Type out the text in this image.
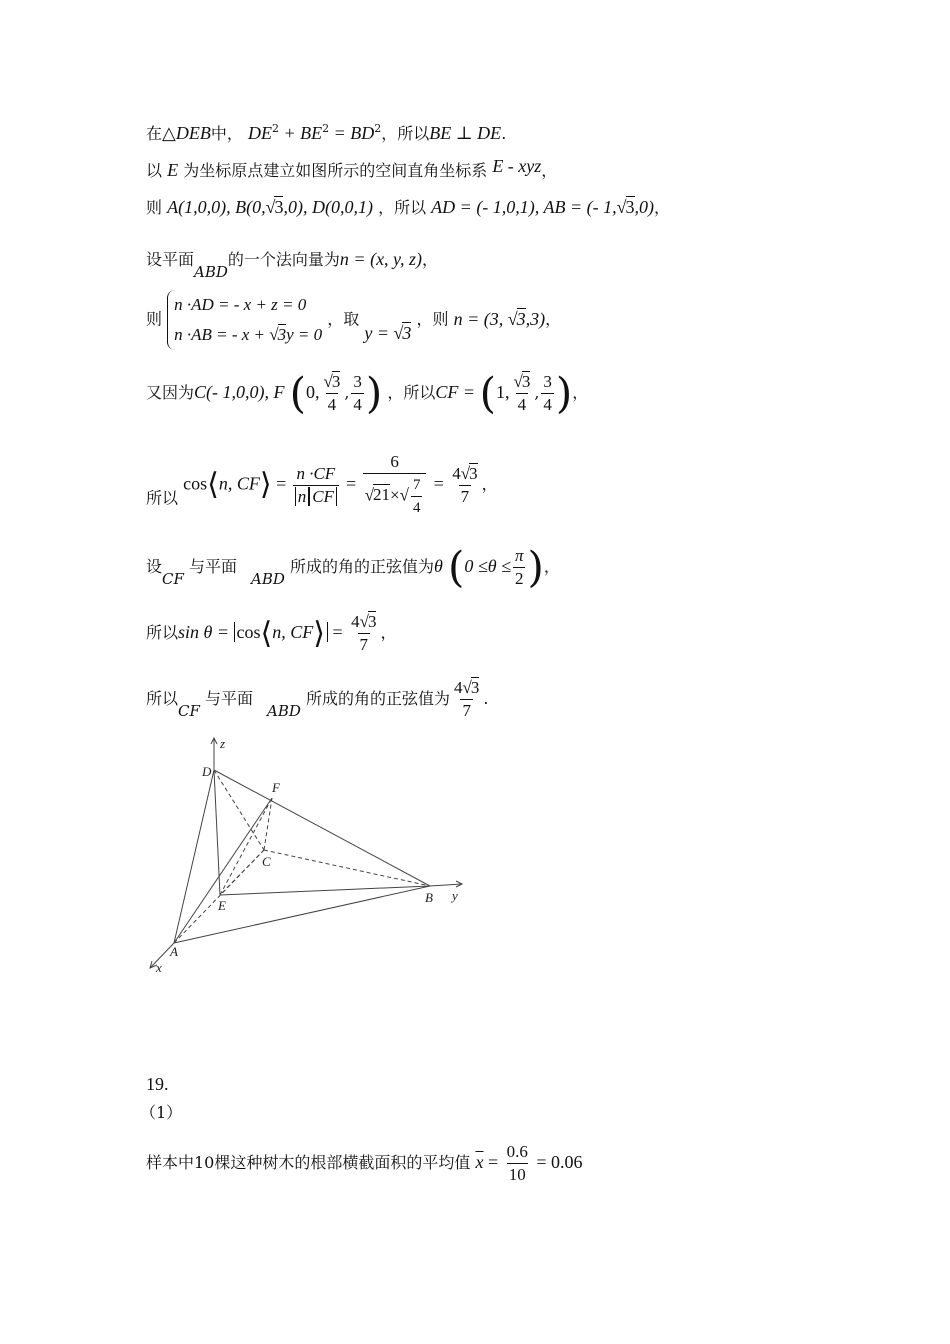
在△DEB中， $DE^2 + BE^2 = BD^2$，所以BE ⊥ DE.
以 E 为坐标原点建立如图所示的空间直角坐标系 E - xyz，
则 A(1,0,0), B(0,√3,0), D(0,0,1) ，所以 AD = (- 1,0,1), AB = (- 1,√3,0)，
设平面ABD的一个法向量为n = (x, y, z)，
则
n ·AD = - x + z = 0
n ·AB = - x + √3y = 0
，取 y = √3 ，则 n = (3, √3,3)，
又因为C(- 1,0,0), F (0, $\frac{√3}{4}$ , $\frac{3}{4}$ ) ，所以CF = (1, $\frac{√3}{4}$ , $\frac{3}{4}$ )，
所以 cos⟨n, CF⟩ = $\frac{n \cdot CF}{\text{n CF}} = \frac{6}{√21\times√ \frac{7}{4}} = \frac{4√3}{7}$ ，
设CF 与平面ABD 所成的角的正弦值为θ ($0 \le\theta \le \frac{\pi}{2}$ )，
所以sin θ = cos⟨n, CF⟩ = $\frac{4√3}{7}$ ，
所以CF 与平面ABD 所成的角的正弦值为 $\frac{4√3}{7}$ .
z
D
F
C
E
B y
A
x
19.
（1）
样本中10棵这种树木的根部横截面积的平均值 $\overline{x} = \frac{0.6}{10} = 0.06$
